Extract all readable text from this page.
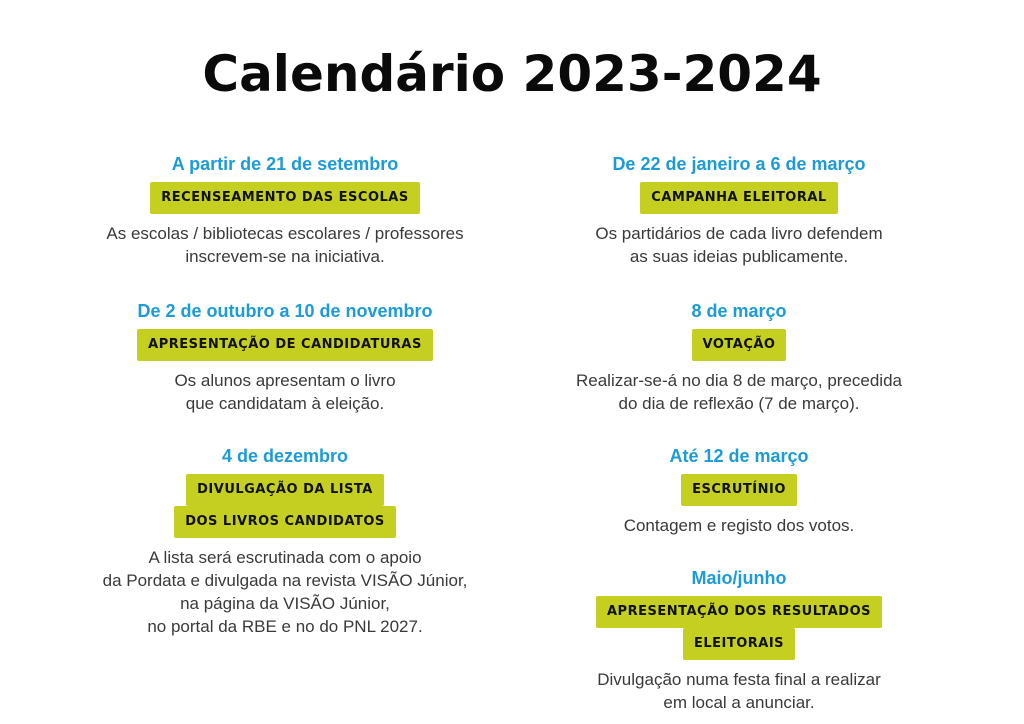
Calendário 2023-2024
A partir de 21 de setembro
RECENSEAMENTO DAS ESCOLAS
As escolas / bibliotecas escolares / professores
inscrevem-se na iniciativa.
De 2 de outubro a 10 de novembro
APRESENTAÇÃO DE CANDIDATURAS
Os alunos apresentam o livro
que candidatam à eleição.
4 de dezembro
DIVULGAÇÃO DA LISTA
DOS LIVROS CANDIDATOS
A lista será escrutinada com o apoio
da Pordata e divulgada na revista VISÃO Júnior,
na página da VISÃO Júnior,
no portal da RBE e no do PNL 2027.
De 22 de janeiro a 6 de março
CAMPANHA ELEITORAL
Os partidários de cada livro defendem
as suas ideias publicamente.
8 de março
VOTAÇÃO
Realizar-se-á no dia 8 de março, precedida
do dia de reflexão (7 de março).
Até 12 de março
ESCRUTÍNIO
Contagem e registo dos votos.
Maio/junho
APRESENTAÇÃO DOS RESULTADOS
ELEITORAIS
Divulgação numa festa final a realizar
em local a anunciar.
